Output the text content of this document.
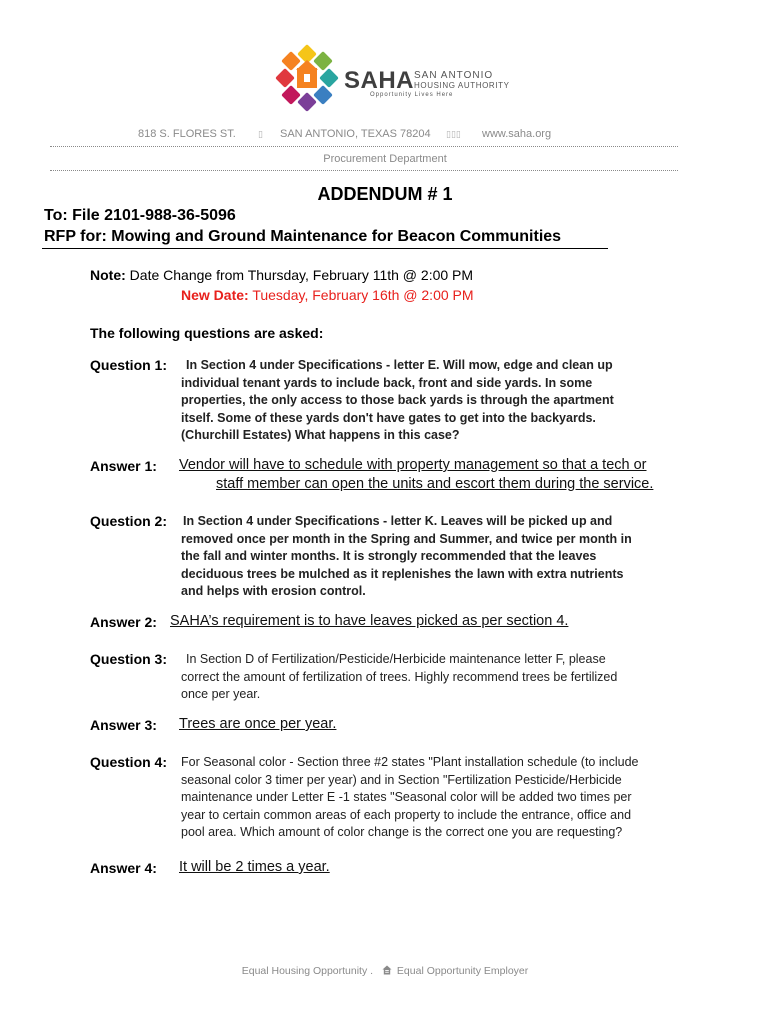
SAHA SAN ANTONIO
HOUSING AUTHORITY
Opportunity Lives Here
818 S. FLORES ST. ▯ SAN ANTONIO, TEXAS 78204 ▯▯▯ www.saha.org
Procurement Department
ADDENDUM # 1
To: File 2101-988-36-5096
RFP for: Mowing and Ground Maintenance for Beacon Communities
Note: Date Change from Thursday, February 11th @ 2:00 PM
New Date: Tuesday, February 16th @ 2:00 PM
The following questions are asked:
Question 1: In Section 4 under Specifications - letter E. Will mow, edge and clean up
individual tenant yards to include back, front and side yards. In some
properties, the only access to those back yards is through the apartment
itself. Some of these yards don't have gates to get into the backyards.
(Churchill Estates) What happens in this case?
Answer 1: Vendor will have to schedule with property management so that a tech or
staff member can open the units and escort them during the service.
Question 2: In Section 4 under Specifications - letter K. Leaves will be picked up and
removed once per month in the Spring and Summer, and twice per month in
the fall and winter months. It is strongly recommended that the leaves
deciduous trees be mulched as it replenishes the lawn with extra nutrients
and helps with erosion control.
Answer 2: SAHA’s requirement is to have leaves picked as per section 4.
Question 3: In Section D of Fertilization/Pesticide/Herbicide maintenance letter F, please
correct the amount of fertilization of trees. Highly recommend trees be fertilized
once per year.
Answer 3: Trees are once per year.
Question 4: For Seasonal color - Section three #2 states "Plant installation schedule (to include
seasonal color 3 timer per year) and in Section "Fertilization Pesticide/Herbicide
maintenance under Letter E -1 states "Seasonal color will be added two times per
year to certain common areas of each property to include the entrance, office and
pool area. Which amount of color change is the correct one you are requesting?
Answer 4: It will be 2 times a year.
Equal Housing Opportunity . Equal Opportunity Employer
